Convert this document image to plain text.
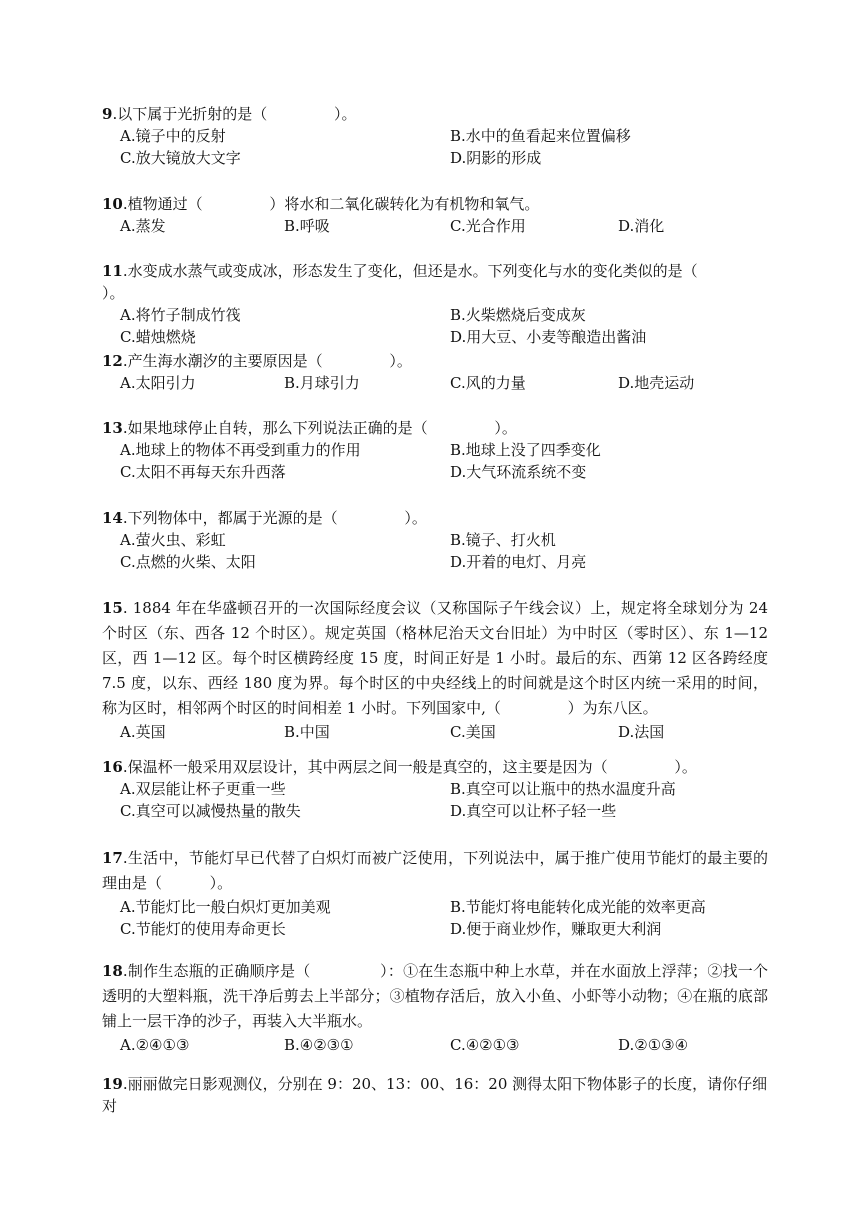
9.以下属于光折射的是（              ）。
A.镜子中的反射	B.水中的鱼看起来位置偏移
C.放大镜放大文字	D.阴影的形成
10.植物通过（              ）将水和二氧化碳转化为有机物和氧气。
A.蒸发	B.呼吸	C.光合作用	D.消化
11.水变成水蒸气或变成冰，形态发生了变化，但还是水。下列变化与水的变化类似的是（              ）。
A.将竹子制成竹筏	B.火柴燃烧后变成灰
C.蜡烛燃烧	D.用大豆、小麦等酿造出酱油
12.产生海水潮汐的主要原因是（              ）。
A.太阳引力	B.月球引力	C.风的力量	D.地壳运动
13.如果地球停止自转，那么下列说法正确的是（              ）。
A.地球上的物体不再受到重力的作用	B.地球上没了四季变化
C.太阳不再每天东升西落	D.大气环流系统不变
14.下列物体中，都属于光源的是（              ）。
A.萤火虫、彩虹	B.镜子、打火机
C.点燃的火柴、太阳	D.开着的电灯、月亮
15. 1884 年在华盛顿召开的一次国际经度会议（又称国际子午线会议）上，规定将全球划分为 24 个时区（东、西各 12 个时区）。规定英国（格林尼治天文台旧址）为中时区（零时区）、东 1—12 区，西 1—12 区。每个时区横跨经度 15 度，时间正好是 1 小时。最后的东、西第 12 区各跨经度 7.5 度，以东、西经 180 度为界。每个时区的中央经线上的时间就是这个时区内统一采用的时间，称为区时，相邻两个时区的时间相差 1 小时。下列国家中,（              ）为东八区。
A.英国	B.中国	C.美国	D.法国
16.保温杯一般采用双层设计，其中两层之间一般是真空的，这主要是因为（              ）。
A.双层能让杯子更重一些	B.真空可以让瓶中的热水温度升高
C.真空可以减慢热量的散失	D.真空可以让杯子轻一些
17.生活中，节能灯早已代替了白炽灯而被广泛使用，下列说法中，属于推广使用节能灯的最主要的理由是（          ）。
A.节能灯比一般白炽灯更加美观	B.节能灯将电能转化成光能的效率更高
C.节能灯的使用寿命更长	D.便于商业炒作，赚取更大利润
18.制作生态瓶的正确顺序是（              ）：①在生态瓶中种上水草，并在水面放上浮萍；②找一个透明的大塑料瓶，洗干净后剪去上半部分；③植物存活后，放入小鱼、小虾等小动物；④在瓶的底部铺上一层干净的沙子，再装入大半瓶水。
A.②④①③	B.④②③①	C.④②①③	D.②①③④
19.丽丽做完日影观测仪，分别在 9：20、13：00、16：20 测得太阳下物体影子的长度，请你仔细对
